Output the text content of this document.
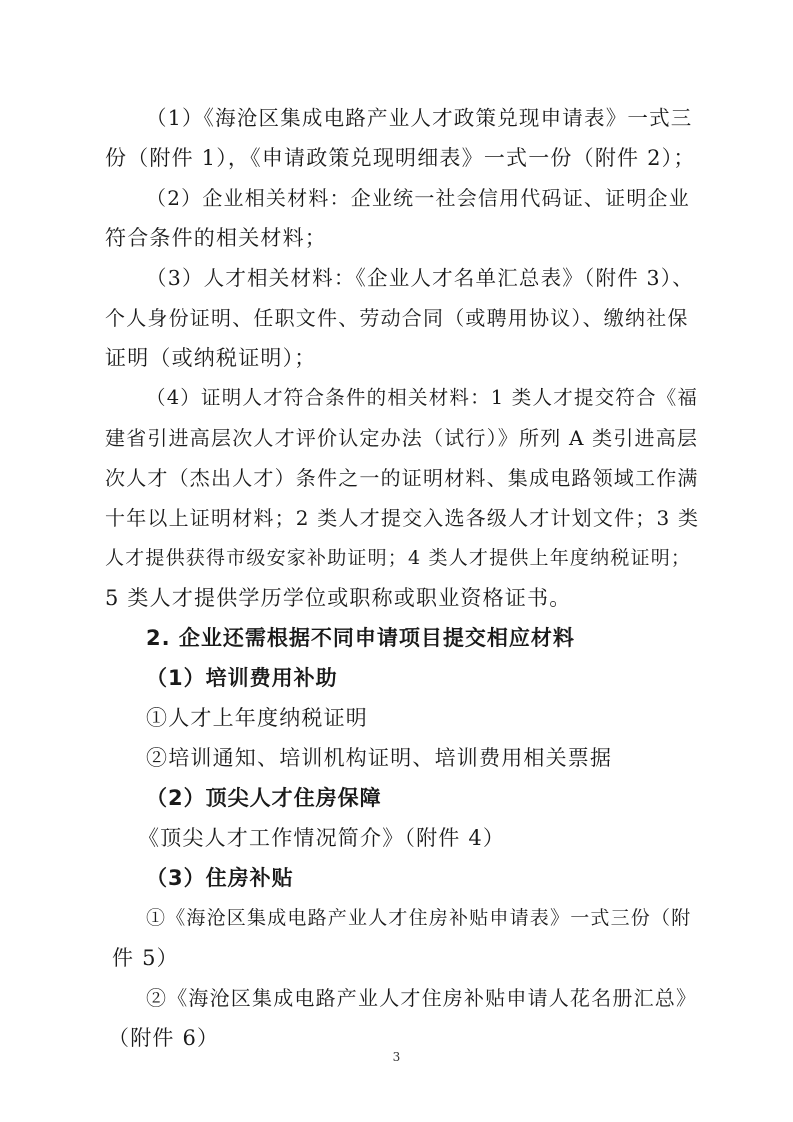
（1）《海沧区集成电路产业人才政策兑现申请表》一式三

份（附件 1），《申请政策兑现明细表》一式一份（附件 2）；

（2）企业相关材料：企业统一社会信用代码证、证明企业

符合条件的相关材料；

（3）人才相关材料：《企业人才名单汇总表》（附件 3）、

个人身份证明、任职文件、劳动合同（或聘用协议）、缴纳社保

证明（或纳税证明）；

（4）证明人才符合条件的相关材料：1 类人才提交符合《福

建省引进高层次人才评价认定办法（试行）》所列 A 类引进高层

次人才（杰出人才）条件之一的证明材料、集成电路领域工作满

十年以上证明材料；2 类人才提交入选各级人才计划文件；3 类

人才提供获得市级安家补助证明；4 类人才提供上年度纳税证明；

5 类人才提供学历学位或职称或职业资格证书。

2. 企业还需根据不同申请项目提交相应材料

（1）培训费用补助

①人才上年度纳税证明

②培训通知、培训机构证明、培训费用相关票据

（2）顶尖人才住房保障

《顶尖人才工作情况简介》（附件 4）

（3）住房补贴

①《海沧区集成电路产业人才住房补贴申请表》一式三份（附

件 5）

②《海沧区集成电路产业人才住房补贴申请人花名册汇总》

（附件 6）

3
